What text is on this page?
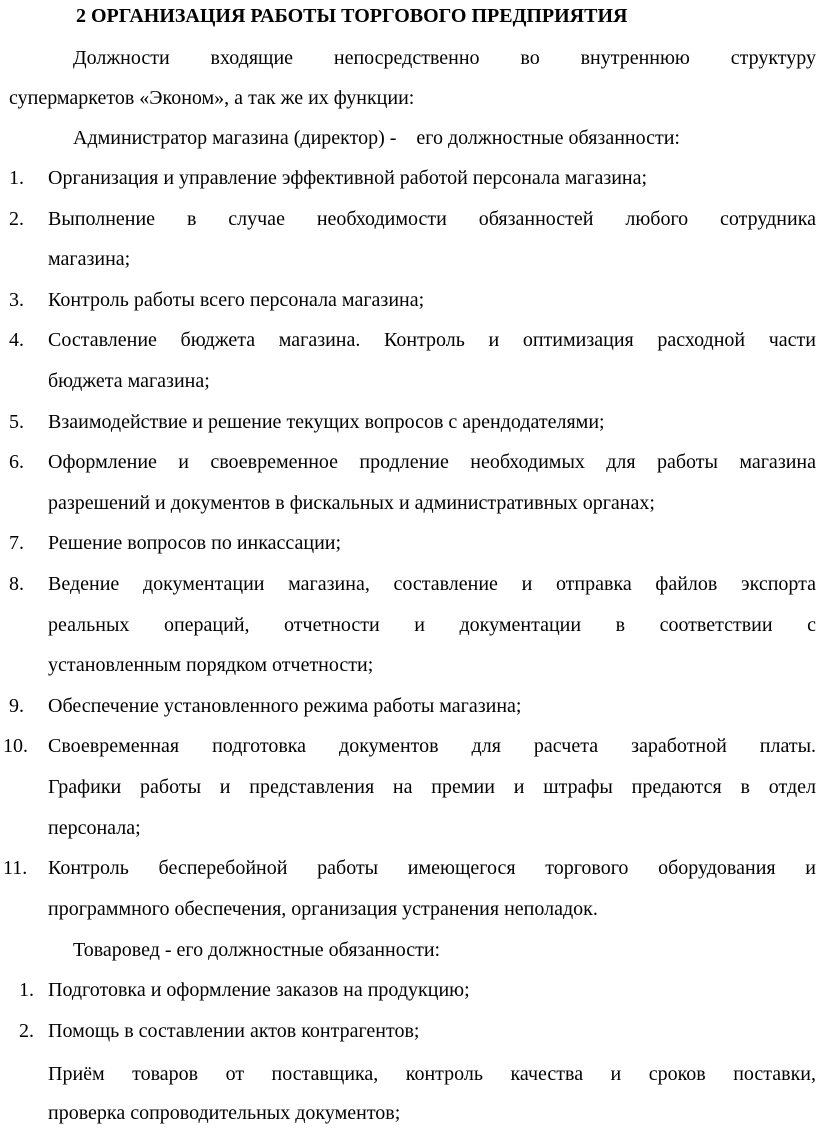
2 ОРГАНИЗАЦИЯ РАБОТЫ ТОРГОВОГО ПРЕДПРИЯТИЯ
Должности входящие непосредственно во внутреннюю структуру
супермаркетов «Эконом», а так же их функции:
Администратор магазина (директор) -    его должностные обязанности:
1. Организация и управление эффективной работой персонала магазина;
2. Выполнение в случае необходимости обязанностей любого сотрудника
магазина;
3. Контроль работы всего персонала магазина;
4. Составление бюджета магазина. Контроль и оптимизация расходной части
бюджета магазина;
5. Взаимодействие и решение текущих вопросов с арендодателями;
6. Оформление и своевременное продление необходимых для работы магазина
разрешений и документов в фискальных и административных органах;
7. Решение вопросов по инкассации;
8. Ведение документации магазина, составление и отправка файлов экспорта
реальных операций, отчетности и документации в соответствии с
установленным порядком отчетности;
9. Обеспечение установленного режима работы магазина;
10. Своевременная подготовка документов для расчета заработной платы.
Графики работы и представления на премии и штрафы предаются в отдел
персонала;
11. Контроль бесперебойной работы имеющегося торгового оборудования и
программного обеспечения, организация устранения неполадок.
Товаровед - его должностные обязанности:
1. Подготовка и оформление заказов на продукцию;
2. Помощь в составлении актов контрагентов;
Приём товаров от поставщика, контроль качества и сроков поставки,
проверка сопроводительных документов;
